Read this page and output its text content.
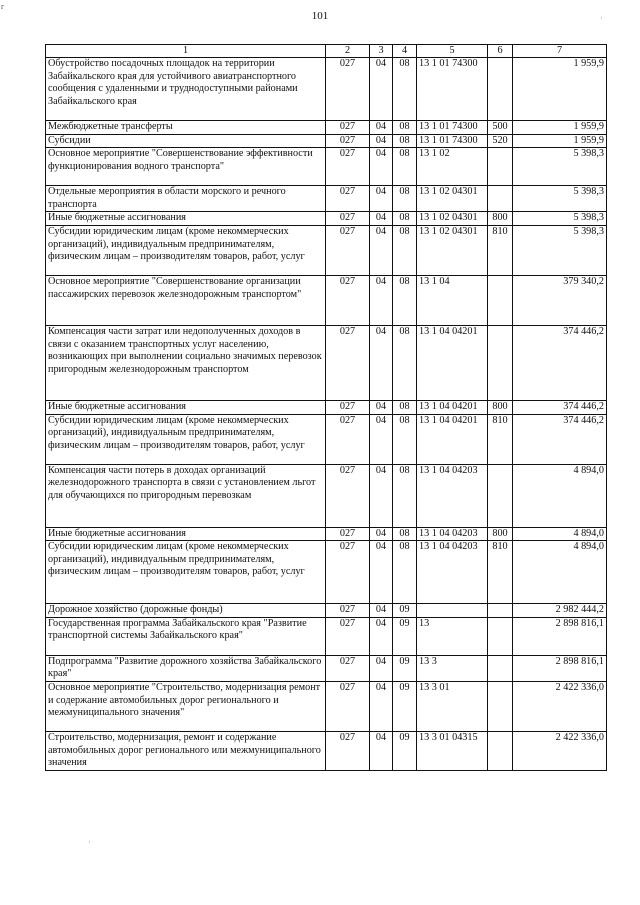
101
г
·
·
1	2	3	4	5	6	7
Обустройство посадочных площадок на территории Забайкальского края для устойчивого авиатранспортного сообщения с удаленными и труднодоступными районами Забайкальского края	027	04	08	13 1 01 74300		1 959,9
Межбюджетные трансферты	027	04	08	13 1 01 74300	500	1 959,9
Субсидии	027	04	08	13 1 01 74300	520	1 959,9
Основное мероприятие "Совершенствование эффективности функционирования водного транспорта"	027	04	08	13 1 02		5 398,3
Отдельные мероприятия в области морского и речного транспорта	027	04	08	13 1 02 04301		5 398,3
Иные бюджетные ассигнования	027	04	08	13 1 02 04301	800	5 398,3
Субсидии юридическим лицам (кроме некоммерческих организаций), индивидуальным предпринимателям, физическим лицам – производителям товаров, работ, услуг	027	04	08	13 1 02 04301	810	5 398,3
Основное мероприятие "Совершенствование организации пассажирских перевозок железнодорожным транспортом"	027	04	08	13 1 04		379 340,2
Компенсация части затрат или недополученных доходов в связи с оказанием транспортных услуг населению, возникающих при выполнении социально значимых перевозок пригородным железнодорожным транспортом	027	04	08	13 1 04 04201		374 446,2
Иные бюджетные ассигнования	027	04	08	13 1 04 04201	800	374 446,2
Субсидии юридическим лицам (кроме некоммерческих организаций), индивидуальным предпринимателям, физическим лицам – производителям товаров, работ, услуг	027	04	08	13 1 04 04201	810	374 446,2
Компенсация части потерь в доходах организаций железнодорожного транспорта в связи с установлением льгот для обучающихся по пригородным перевозкам	027	04	08	13 1 04 04203		4 894,0
Иные бюджетные ассигнования	027	04	08	13 1 04 04203	800	4 894,0
Субсидии юридическим лицам (кроме некоммерческих организаций), индивидуальным предпринимателям, физическим лицам – производителям товаров, работ, услуг	027	04	08	13 1 04 04203	810	4 894,0
Дорожное хозяйство (дорожные фонды)	027	04	09			2 982 444,2
Государственная программа Забайкальского края "Развитие транспортной системы Забайкальского края"	027	04	09	13		2 898 816,1
Подпрограмма "Развитие дорожного хозяйства Забайкальского края"	027	04	09	13 3		2 898 816,1
Основное мероприятие "Строительство, модернизация ремонт и содержание автомобильных дорог регионального и межмуниципального значения"	027	04	09	13 3 01		2 422 336,0
Строительство, модернизация, ремонт и содержание автомобильных дорог регионального или межмуниципального значения	027	04	09	13 3 01 04315		2 422 336,0
